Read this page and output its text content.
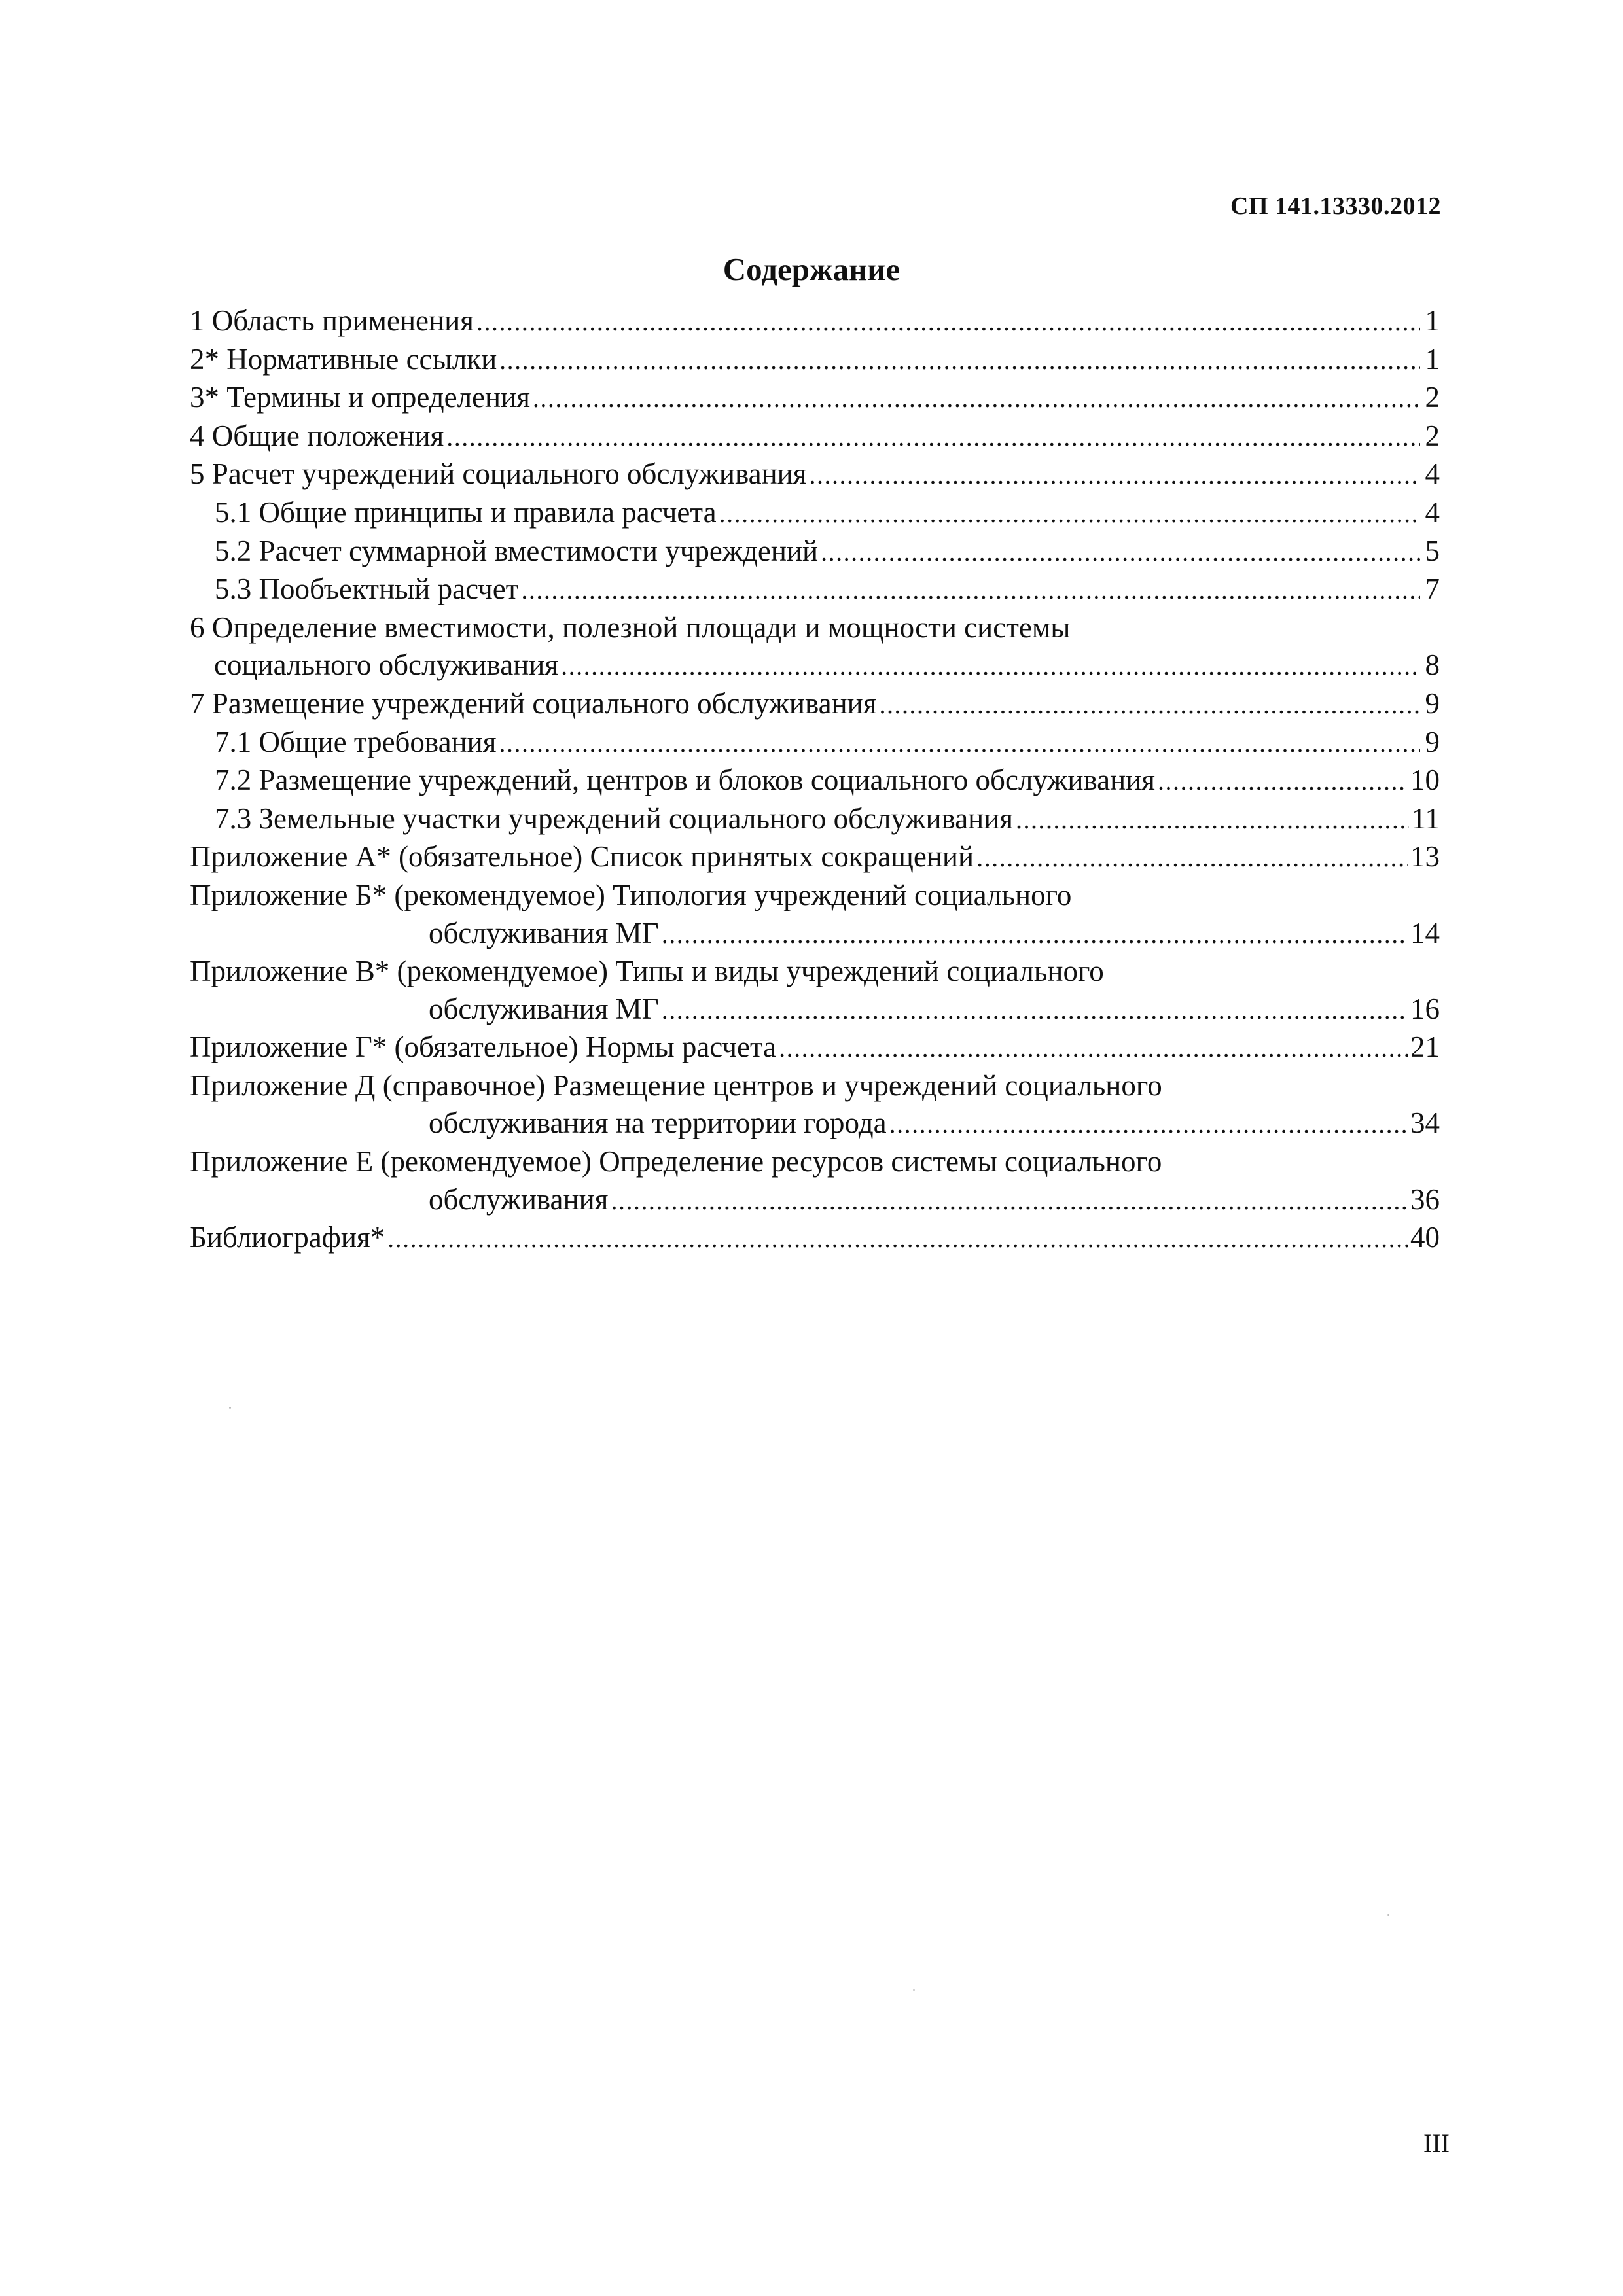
СП 141.13330.2012
Содержание
1 Область применения .....	1
2* Нормативные ссылки .....	1
3* Термины и определения .....	2
4 Общие положения .....	2
5 Расчет учреждений социального обслуживания .....	4
5.1 Общие принципы и правила расчета .....	4
5.2 Расчет суммарной вместимости учреждений .....	5
5.3 Пообъектный расчет .....	7
6 Определение вместимости, полезной площади и мощности системы
социального обслуживания .....	8
7 Размещение учреждений социального обслуживания .....	9
7.1 Общие требования .....	9
7.2 Размещение учреждений, центров и блоков социального обслуживания .....	10
7.3 Земельные участки учреждений социального обслуживания .....	11
Приложение А* (обязательное) Список принятых сокращений .....	13
Приложение Б* (рекомендуемое) Типология учреждений социального
обслуживания МГ .....	14
Приложение В* (рекомендуемое) Типы и виды учреждений социального
обслуживания МГ .....	16
Приложение Г* (обязательное) Нормы расчета .....	21
Приложение Д (справочное) Размещение центров и учреждений социального
обслуживания на территории города .....	34
Приложение Е (рекомендуемое) Определение ресурсов системы социального
обслуживания .....	36
Библиография* .....	40
III
